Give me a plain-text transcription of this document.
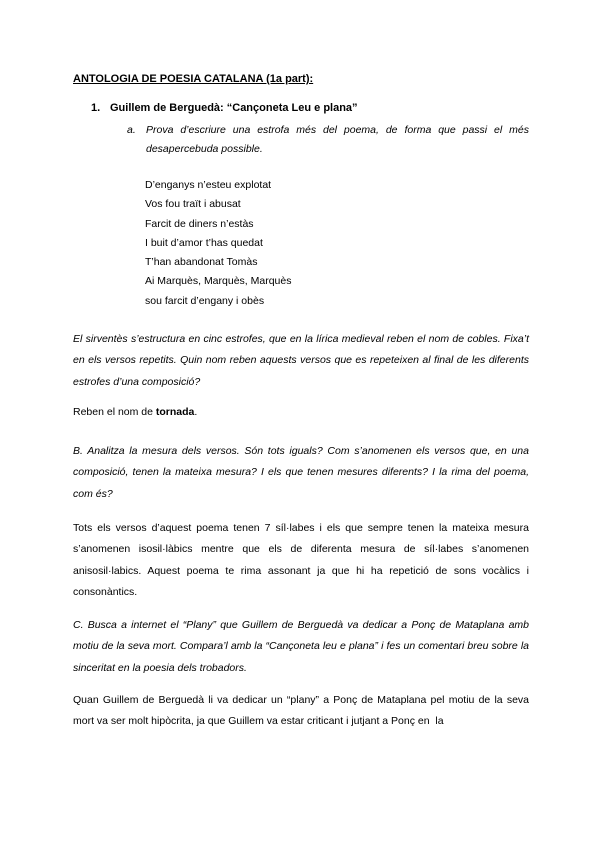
ANTOLOGIA DE POESIA CATALANA (1a part):
1. Guillem de Berguedà: “Cançoneta Leu e plana”
a. Prova d’escriure una estrofa més del poema, de forma que passi el més desapercebuda possible.
D’enganys n’esteu explotat
Vos fou traït i abusat
Farcit de diners n’estàs
I buit d’amor t’has quedat
T’han abandonat Tomàs
Ai Marquès, Marquès, Marquès
sou farcit d’engany i obès
El sirventès s’estructura en cinc estrofes, que en la lírica medieval reben el nom de cobles. Fixa’t en els versos repetits. Quin nom reben aquests versos que es repeteixen al final de les diferents estrofes d’una composició?
Reben el nom de tornada.
B. Analitza la mesura dels versos. Són tots iguals? Com s’anomenen els versos que, en una composició, tenen la mateixa mesura? I els que tenen mesures diferents? I la rima del poema, com és?
Tots els versos d’aquest poema tenen 7 síl·labes i els que sempre tenen la mateixa mesura s’anomenen isosil·làbics mentre que els de diferenta mesura de síl·labes s’anomenen anisosil·labics. Aquest poema te rima assonant ja que hi ha repetició de sons vocàlics i consonàntics.
C. Busca a internet el “Plany” que Guillem de Berguedà va dedicar a Ponç de Mataplana amb motiu de la seva mort. Compara’l amb la “Cançoneta leu e plana” i fes un comentari breu sobre la sinceritat en la poesia dels trobadors.
Quan Guillem de Berguedà li va dedicar un “plany” a Ponç de Mataplana pel motiu de la seva mort va ser molt hipòcrita, ja que Guillem va estar criticant i jutjant a Ponç en la
